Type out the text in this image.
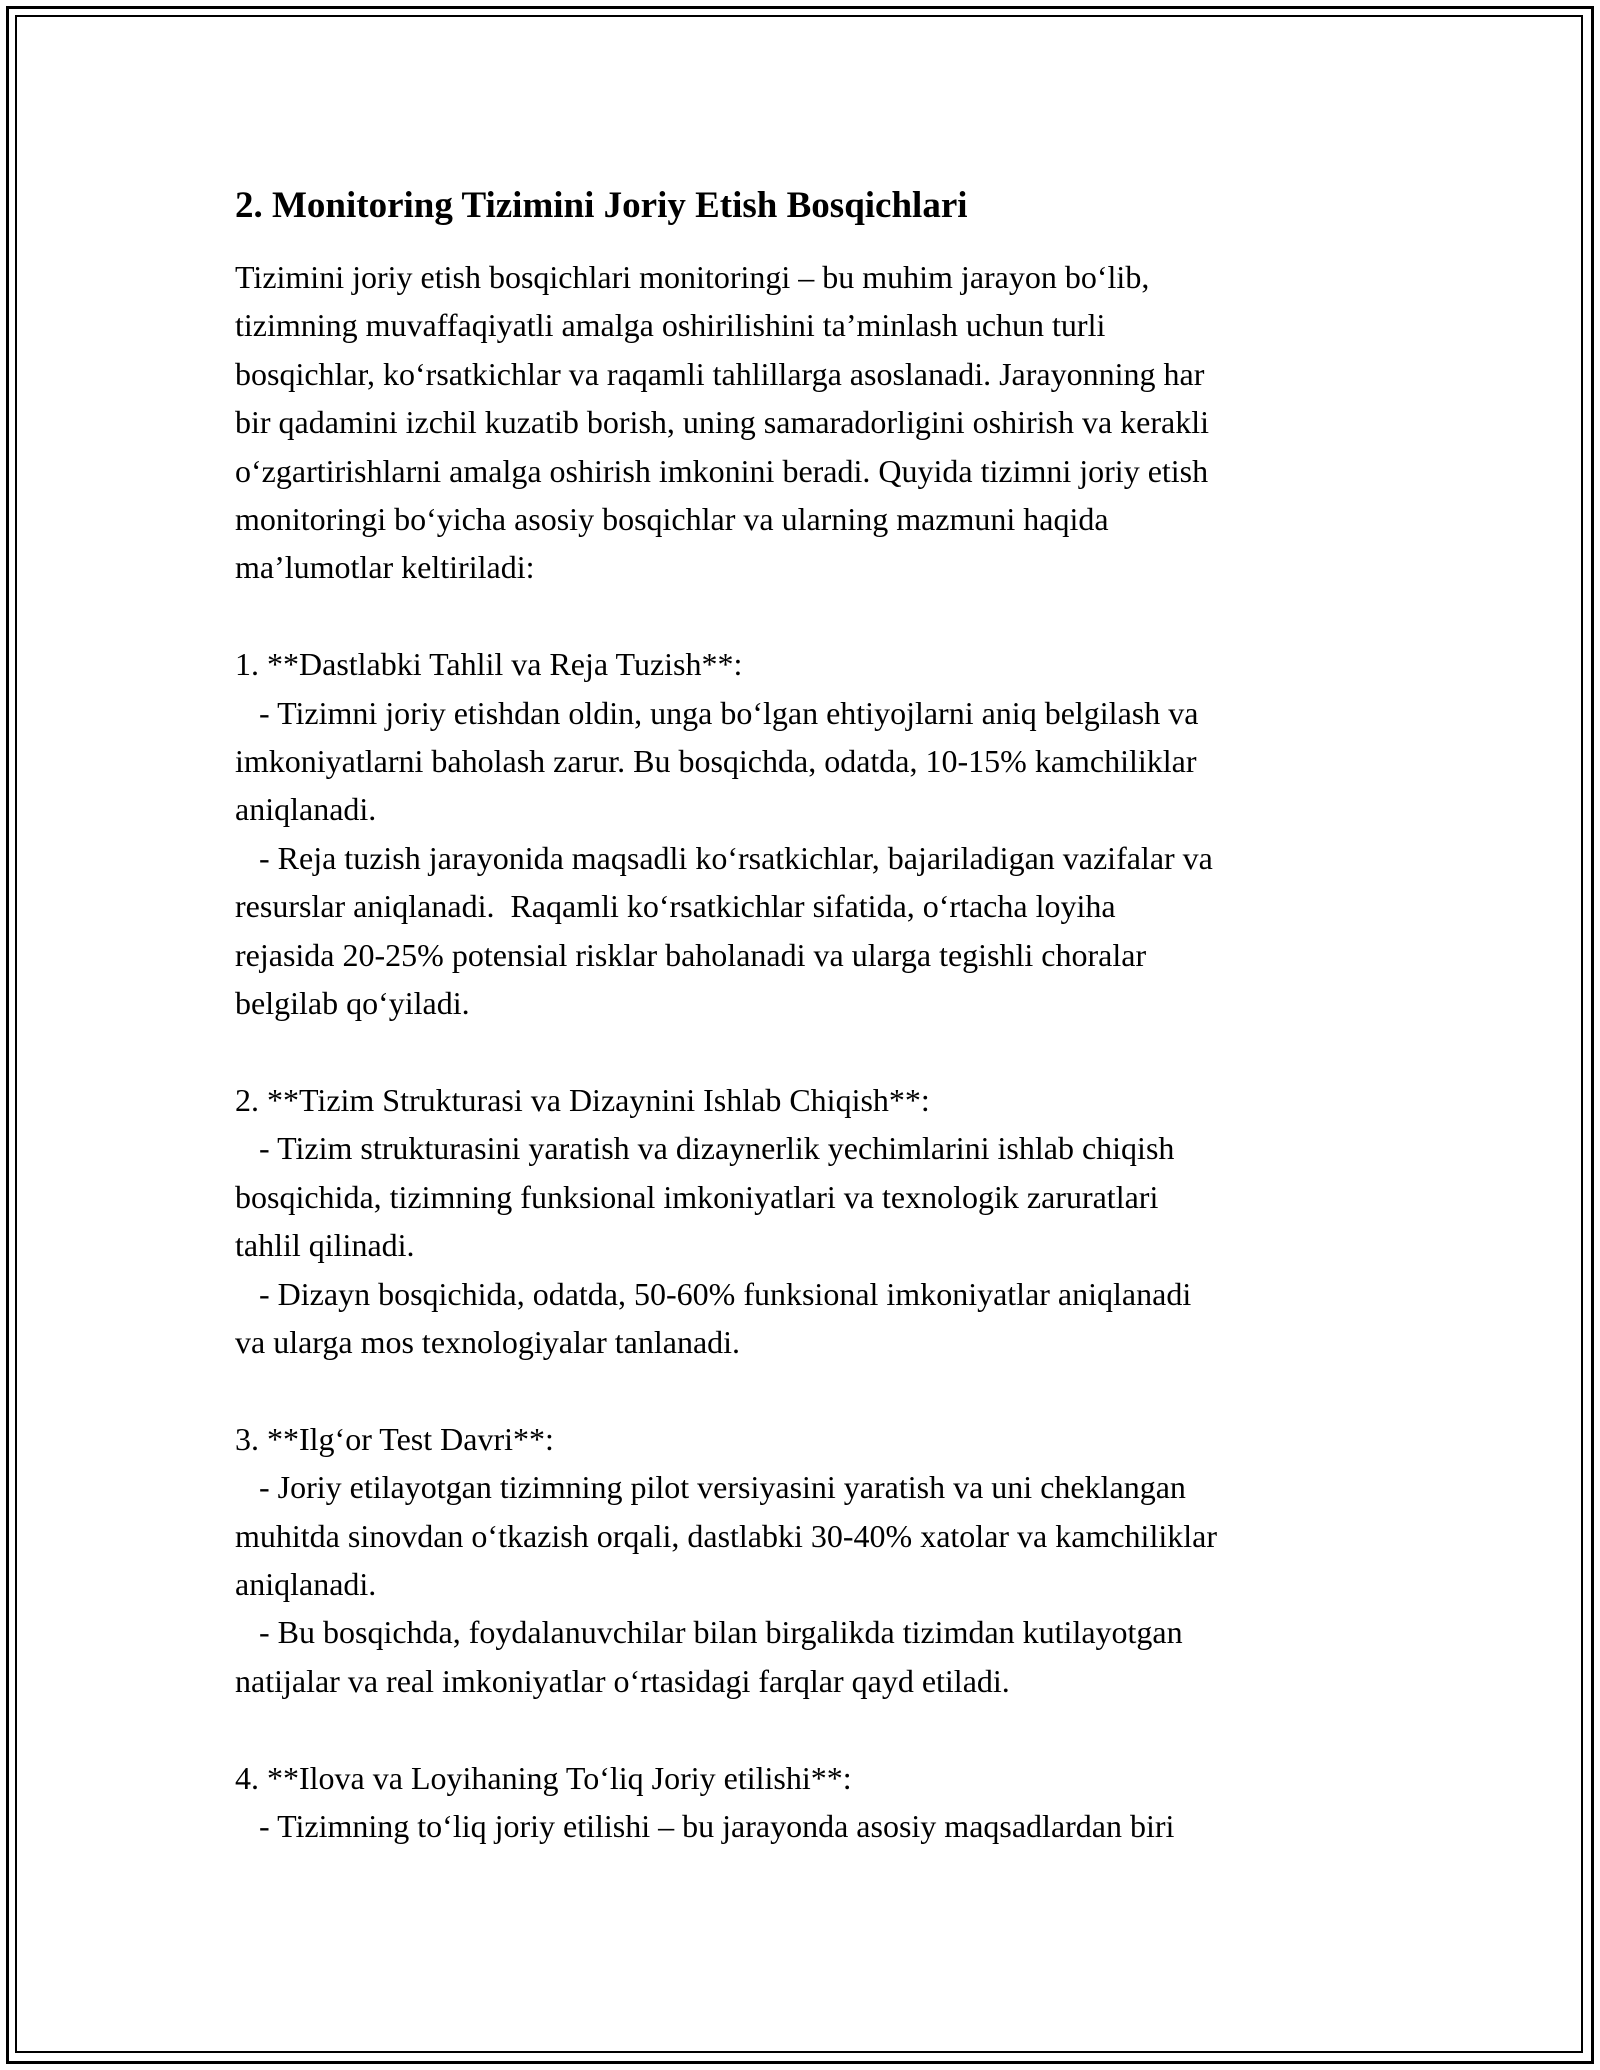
2. Monitoring Tizimini Joriy Etish Bosqichlari

Tizimini joriy etish bosqichlari monitoringi – bu muhim jarayon bo‘lib,

tizimning muvaffaqiyatli amalga oshirilishini ta’minlash uchun turli

bosqichlar, ko‘rsatkichlar va raqamli tahlillarga asoslanadi. Jarayonning har

bir qadamini izchil kuzatib borish, uning samaradorligini oshirish va kerakli

o‘zgartirishlarni amalga oshirish imkonini beradi. Quyida tizimni joriy etish

monitoringi bo‘yicha asosiy bosqichlar va ularning mazmuni haqida

ma’lumotlar keltiriladi:

1. **Dastlabki Tahlil va Reja Tuzish**:

- Tizimni joriy etishdan oldin, unga bo‘lgan ehtiyojlarni aniq belgilash va

imkoniyatlarni baholash zarur. Bu bosqichda, odatda, 10-15% kamchiliklar

aniqlanadi.

- Reja tuzish jarayonida maqsadli ko‘rsatkichlar, bajariladigan vazifalar va

resurslar aniqlanadi.  Raqamli ko‘rsatkichlar sifatida, o‘rtacha loyiha

rejasida 20-25% potensial risklar baholanadi va ularga tegishli choralar

belgilab qo‘yiladi.

2. **Tizim Strukturasi va Dizaynini Ishlab Chiqish**:

- Tizim strukturasini yaratish va dizaynerlik yechimlarini ishlab chiqish

bosqichida, tizimning funksional imkoniyatlari va texnologik zaruratlari

tahlil qilinadi.

- Dizayn bosqichida, odatda, 50-60% funksional imkoniyatlar aniqlanadi

va ularga mos texnologiyalar tanlanadi.

3. **Ilg‘or Test Davri**:

- Joriy etilayotgan tizimning pilot versiyasini yaratish va uni cheklangan

muhitda sinovdan o‘tkazish orqali, dastlabki 30-40% xatolar va kamchiliklar

aniqlanadi.

- Bu bosqichda, foydalanuvchilar bilan birgalikda tizimdan kutilayotgan

natijalar va real imkoniyatlar o‘rtasidagi farqlar qayd etiladi.

4. **Ilova va Loyihaning To‘liq Joriy etilishi**:

- Tizimning to‘liq joriy etilishi – bu jarayonda asosiy maqsadlardan biri
